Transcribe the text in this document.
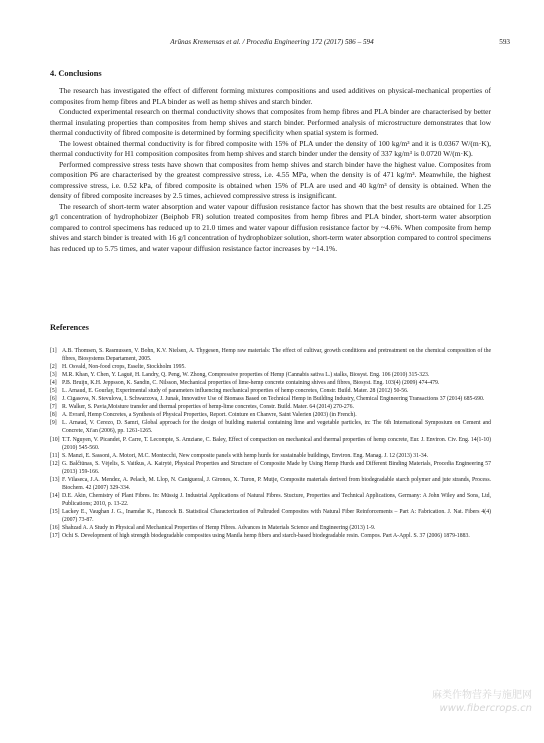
Arūnas Kremensas et al. / Procedia Engineering 172 (2017) 586 – 594	593
4. Conclusions

The research has investigated the effect of different forming mixtures compositions and used additives on physical-mechanical properties of composites from hemp fibres and PLA binder as well as hemp shives and starch binder.

Conducted experimental research on thermal conductivity shows that composites from hemp fibres and PLA binder are characterised by better thermal insulating properties than composites from hemp shives and starch binder. Performed analysis of microstructure demonstrates that low thermal conductivity of fibred composite is determined by forming specificity when spatial system is formed.

The lowest obtained thermal conductivity is for fibred composite with 15% of PLA under the density of 100 kg/m³ and it is 0.0367 W/(m·K), thermal conductivity for H1 composition composites from hemp shives and starch binder under the density of 337 kg/m³ is 0.0720 W/(m·K).

Performed compressive stress tests have shown that composites from hemp shives and starch binder have the highest value. Composites from composition P6 are characterised by the greatest compressive stress, i.e. 4.55 MPa, when the density is of 471 kg/m³. Meanwhile, the highest compressive stress, i.e. 0.52 kPa, of fibred composite is obtained when 15% of PLA are used and 40 kg/m³ of density is obtained. When the density of fibred composite increases by 2.5 times, achieved compressive stress is insignificant.

The research of short-term water absorption and water vapour diffusion resistance factor has shown that the best results are obtained for 1.25 g/l concentration of hydrophobizer (Beiphob FR) solution treated composites from hemp fibres and PLA binder, short-term water absorption compared to control specimens has reduced up to 21.0 times and water vapour diffusion resistance factor by ~4.6%. When composite from hemp shives and starch binder is treated with 16 g/l concentration of hydrophobizer solution, short-term water absorption compared to control specimens has reduced up to 5.75 times, and water vapour diffusion resistance factor increases by ~14.1%.

References
[1] A.B. Thomsen, S. Rasmussen, V. Bohn, K.V. Nielsen, A. Thygesen, Hemp raw materials: The effect of cultivar, growth conditions and pretreatment on the chemical composition of the fibres, Biosystems Departament, 2005.
[2] H. Osvald, Non-food crops, Esselte, Stockholm 1995.
[3] M.R. Khan, Y. Chen, Y. Laguë, H. Landry, Q. Peng, W. Zhong, Compressive properties of Hemp (Cannabis sativa L.) stalks, Biosyst. Eng. 106 (2010) 315-323.
[4] P.B. Bruijn, K.H. Jeppsson, K. Sandin, C. Nilsson, Mechanical properties of lime-hemp concrete containing shives and fibres, Biosyst. Eng. 103(4) (2009) 474-479.
[5] L. Arnaud, E. Gourlay, Experimental study of parameters influencing mechanical properties of hemp concretes, Constr. Build. Mater. 28 (2012) 50-56.
[6] J. Cigasova, N. Stevulova, I. Schwarzova, J. Junak, Innovative Use of Biomass Based on Technical Hemp in Building Industry, Chemical Engineering Transactions 37 (2014) 685-690.
[7] R. Walker, S. Pavia,Moisture transfer and thermal properties of hemp-lime concretes, Constr. Build. Mater. 64 (2014) 270-276.
[8] A. Evrard, Hemp Concretes, a Synthesis of Physical Properties, Report. Cointure en Chanvre, Saint Valerien (2003) (in French).
[9] L. Arnaud, V. Cerezo, D. Samri, Global approach for the design of building material containing lime and vegetable particles, in: The 6th International Symposium on Cement and Concrete, Xi'an (2006), pp. 1261-1265.
[10] T.T. Nguyen, V. Picandet, P. Carre, T. Lecompte, S. Amziane, C. Baley, Effect of compaction on mechanical and thermal properties of hemp concrete, Eur. J. Environ. Civ. Eng. 14(1-10) (2010) 545-560.
[11] S. Manzi, E. Sassoni, A. Motori, M.C. Montecchi, New composite panels with hemp hurds for sustainable buildings, Environ. Eng. Manag. J. 12 (2013) 31-34.
[12] G. Balčiūnas, S. Vėjelis, S. Vaitkus, A. Kairytė, Physical Properties and Structure of Composite Made by Using Hemp Hurds and Different Binding Materials, Procedia Engineering 57 (2013) 159-166.
[13] F. Vilaseca, J.A. Mendez, A. Pelach, M. Llop, N. Canigueral, J. Girones, X. Turon, P. Mutje, Composite materials derived from biodegradable starch polymer and jute strands, Process. Biochem. 42 (2007) 329-334.
[14] D.E. Akin, Chemistry of Plant Fibres. In: Müssig J. Industrial Applications of Natural Fibres. Stucture, Properties and Technical Applications, Germany: A John Wiley and Sons, Ltd, Publications; 2010, p. 13-22.
[15] Lackey E., Vaughan J. G., Inamdar K., Hancock B. Statistical Characterization of Pultruded Composites with Natural Fiber Reinforcements – Part A: Fabrication. J. Nat. Fibers 4(4) (2007) 73-87.
[16] Shahzad A. A Study in Physical and Mechanical Properties of Hemp Fibres. Advances in Materials Science and Engineering (2013) 1-9.
[17] Ochi S. Development of high strength biodegradable composites using Manila hemp fibers and starch-based biodegradable resin. Compos. Part A-Appl. S. 37 (2006) 1879-1883.
麻类作物营养与施肥网
www.fibercrops.cn
